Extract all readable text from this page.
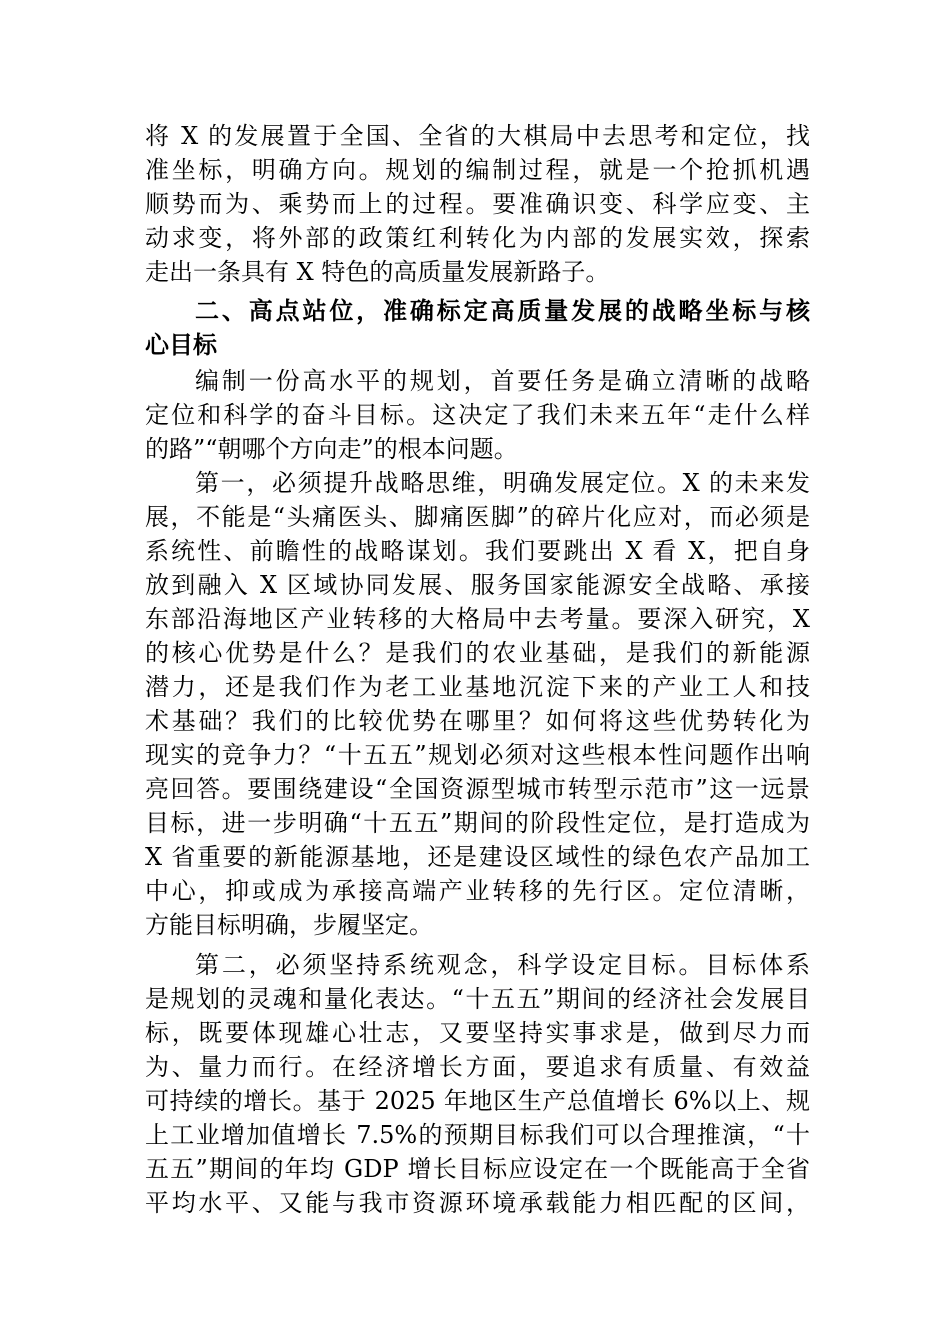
将 X 的发展置于全国、全省的大棋局中去思考和定位，找
准坐标，明确方向。规划的编制过程，就是一个抢抓机遇
顺势而为、乘势而上的过程。要准确识变、科学应变、主
动求变，将外部的政策红利转化为内部的发展实效，探索
走出一条具有 X 特色的高质量发展新路子。
二、高点站位，准确标定高质量发展的战略坐标与核
心目标
编制一份高水平的规划，首要任务是确立清晰的战略
定位和科学的奋斗目标。这决定了我们未来五年“走什么样
的路”“朝哪个方向走”的根本问题。
第一，必须提升战略思维，明确发展定位。X 的未来发
展，不能是“头痛医头、脚痛医脚”的碎片化应对，而必须是
系统性、前瞻性的战略谋划。我们要跳出 X 看 X，把自身
放到融入 X 区域协同发展、服务国家能源安全战略、承接
东部沿海地区产业转移的大格局中去考量。要深入研究，X
的核心优势是什么？是我们的农业基础，是我们的新能源
潜力，还是我们作为老工业基地沉淀下来的产业工人和技
术基础？我们的比较优势在哪里？如何将这些优势转化为
现实的竞争力？“十五五”规划必须对这些根本性问题作出响
亮回答。要围绕建设“全国资源型城市转型示范市”这一远景
目标，进一步明确“十五五”期间的阶段性定位，是打造成为
X 省重要的新能源基地，还是建设区域性的绿色农产品加工
中心，抑或成为承接高端产业转移的先行区。定位清晰，
方能目标明确，步履坚定。
第二，必须坚持系统观念，科学设定目标。目标体系
是规划的灵魂和量化表达。“十五五”期间的经济社会发展目
标，既要体现雄心壮志，又要坚持实事求是，做到尽力而
为、量力而行。在经济增长方面，要追求有质量、有效益
可持续的增长。基于 2025 年地区生产总值增长 6%以上、规
上工业增加值增长 7.5%的预期目标我们可以合理推演，“十
五五”期间的年均 GDP 增长目标应设定在一个既能高于全省
平均水平、又能与我市资源环境承载能力相匹配的区间，
